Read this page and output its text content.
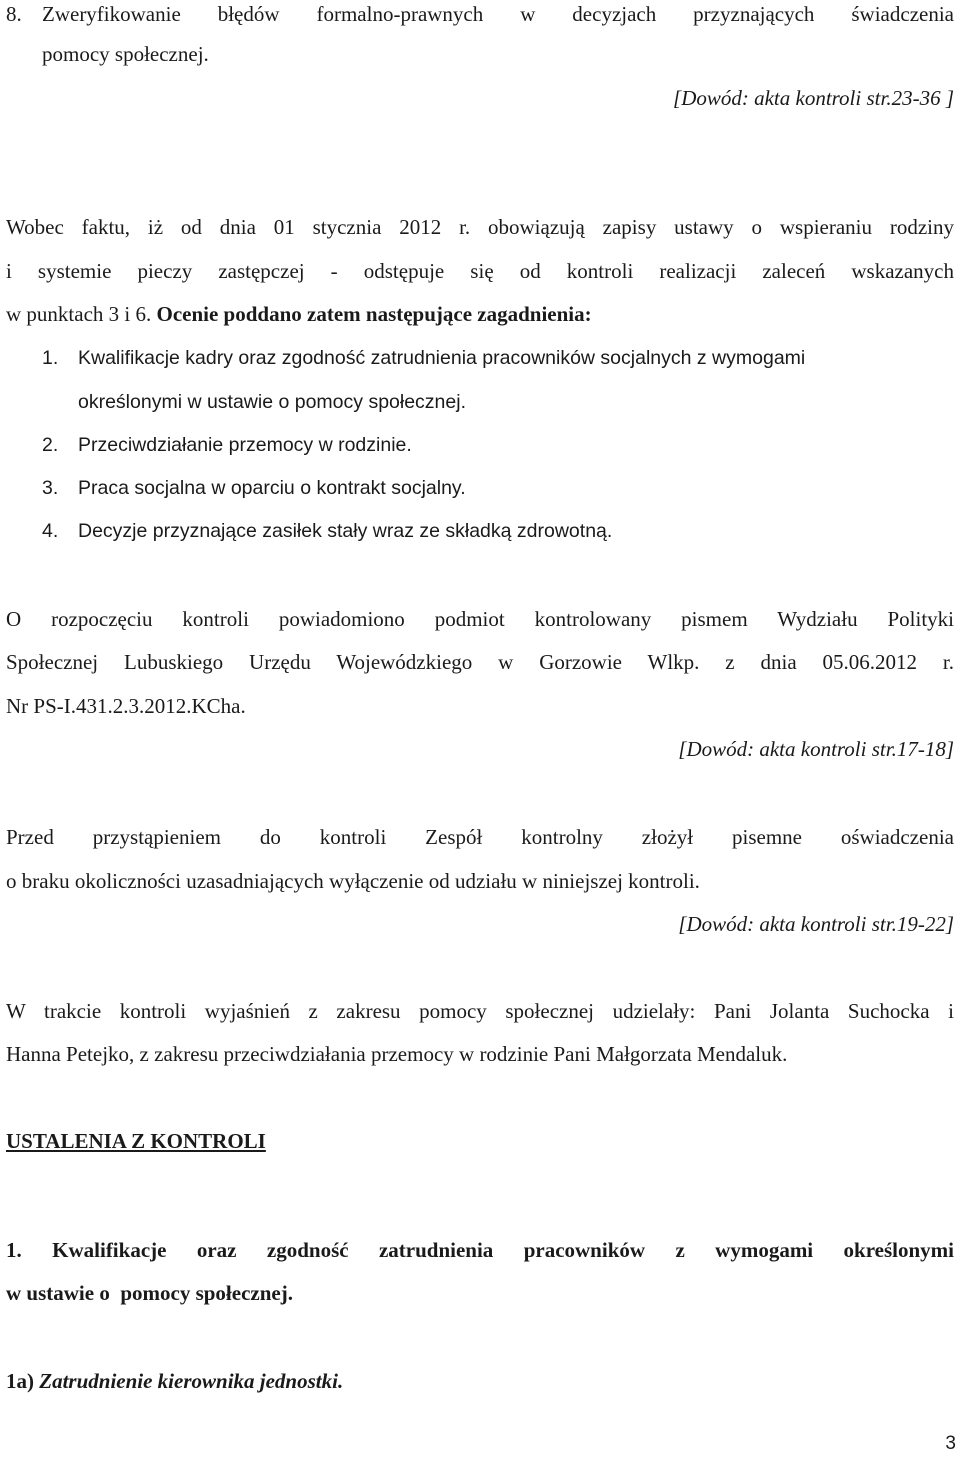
8. Zweryfikowanie błędów formalno-prawnych w decyzjach przyznających świadczenia
pomocy społecznej.
[Dowód: akta kontroli str.23-36 ]
Wobec faktu, iż od dnia 01 stycznia 2012 r. obowiązują zapisy ustawy o wspieraniu rodziny
i systemie pieczy zastępczej - odstępuje się od kontroli realizacji zaleceń wskazanych
w punktach 3 i 6. Ocenie poddano zatem następujące zagadnienia:
1. Kwalifikacje kadry oraz zgodność zatrudnienia pracowników socjalnych z wymogami
określonymi w ustawie o pomocy społecznej.
2. Przeciwdziałanie przemocy w rodzinie.
3. Praca socjalna w oparciu o kontrakt socjalny.
4. Decyzje przyznające zasiłek stały wraz ze składką zdrowotną.
O rozpoczęciu kontroli powiadomiono podmiot kontrolowany pismem Wydziału Polityki
Społecznej Lubuskiego Urzędu Wojewódzkiego w Gorzowie Wlkp. z dnia 05.06.2012 r.
Nr PS-I.431.2.3.2012.KCha.
[Dowód: akta kontroli str.17-18]
Przed przystąpieniem do kontroli Zespół kontrolny złożył pisemne oświadczenia
o braku okoliczności uzasadniających wyłączenie od udziału w niniejszej kontroli.
[Dowód: akta kontroli str.19-22]
W trakcie kontroli wyjaśnień z zakresu pomocy społecznej udzielały: Pani Jolanta Suchocka i
Hanna Petejko, z zakresu przeciwdziałania przemocy w rodzinie Pani Małgorzata Mendaluk.
USTALENIA Z KONTROLI
1. Kwalifikacje oraz zgodność zatrudnienia pracowników z wymogami określonymi
w ustawie o  pomocy społecznej.
1a) Zatrudnienie kierownika jednostki.
3
